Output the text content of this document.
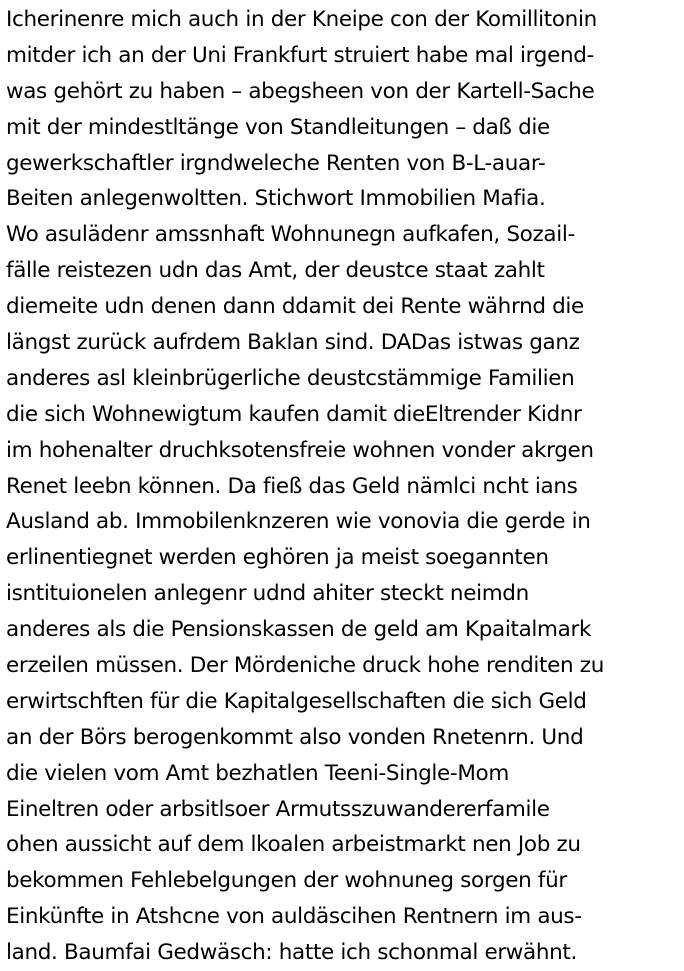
Icherinenre mich auch in der Kneipe con der Komillitonin
mitder ich an der Uni Frankfurt struiert habe mal irgend-
was gehört zu haben – abegsheen von der Kartell-Sache
mit der mindestltänge von Standleitungen – daß die
gewerkschaftler irgndweleche Renten von B-L-auar-
Beiten anlegenwoltten. Stichwort Immobilien Mafia.
Wo asulädenr amssnhaft Wohnunegn aufkafen, Sozail-
fälle reistezen udn das Amt, der deustce staat zahlt
diemeite udn denen dann ddamit dei Rente währnd die
längst zurück aufrdem Baklan sind. DADas istwas ganz
anderes asl kleinbrügerliche deustcstämmige Familien
die sich Wohnewigtum kaufen damit dieEltrender Kidnr
im hohenalter druchksotensfreie wohnen vonder akrgen
Renet leebn können. Da fieß das Geld nämlci ncht ians
Ausland ab. Immobilenknzeren wie vonovia die gerde in
erlinentiegnet werden eghören ja meist soegannten
isntituionelen anlegenr udnd ahiter steckt neimdn
anderes als die Pensionskassen de geld am Kpaitalmark
erzeilen müssen. Der Mördeniche druck hohe renditen zu
erwirtschften für die Kapitalgesellschaften die sich Geld
an der Börs berogenkommt also vonden Rnetenrn. Und
die vielen vom Amt bezhatlen Teeni-Single-Mom
Eineltren oder arbsitlsoer Armutsszuwandererfamile
ohen aussicht auf dem lkoalen arbeistmarkt nen Job zu
bekommen Fehlebelgungen der wohnuneg sorgen für
Einkünfte in Atshcne von auldäscihen Rentnern im aus-
land. Baumfai Gedwäsch: hatte ich schonmal erwähnt.
